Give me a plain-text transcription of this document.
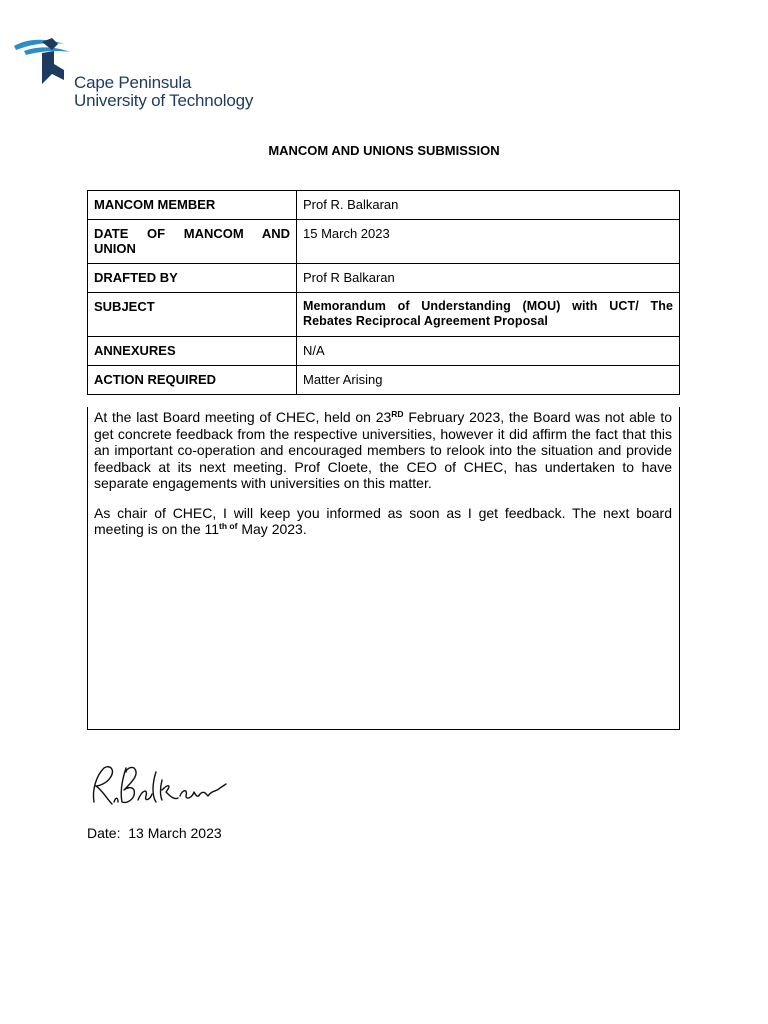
Cape Peninsula
University of Technology
MANCOM AND UNIONS SUBMISSION
MANCOM MEMBER	Prof R. Balkaran
DATE OF MANCOM AND UNION	15 March 2023
DRAFTED BY	Prof R Balkaran
SUBJECT	Memorandum of Understanding (MOU) with UCT/ The Rebates Reciprocal Agreement Proposal
ANNEXURES	N/A
ACTION REQUIRED	Matter Arising

At the last Board meeting of CHEC, held on 23RD February 2023, the Board was not able to get concrete feedback from the respective universities, however it did affirm the fact that this an important co-operation and encouraged members to relook into the situation and provide feedback at its next meeting. Prof Cloete, the CEO of CHEC, has undertaken to have separate engagements with universities on this matter.

As chair of CHEC, I will keep you informed as soon as I get feedback. The next board meeting is on the $11^{th of}$ May 2023.

Date: 13 March 2023
